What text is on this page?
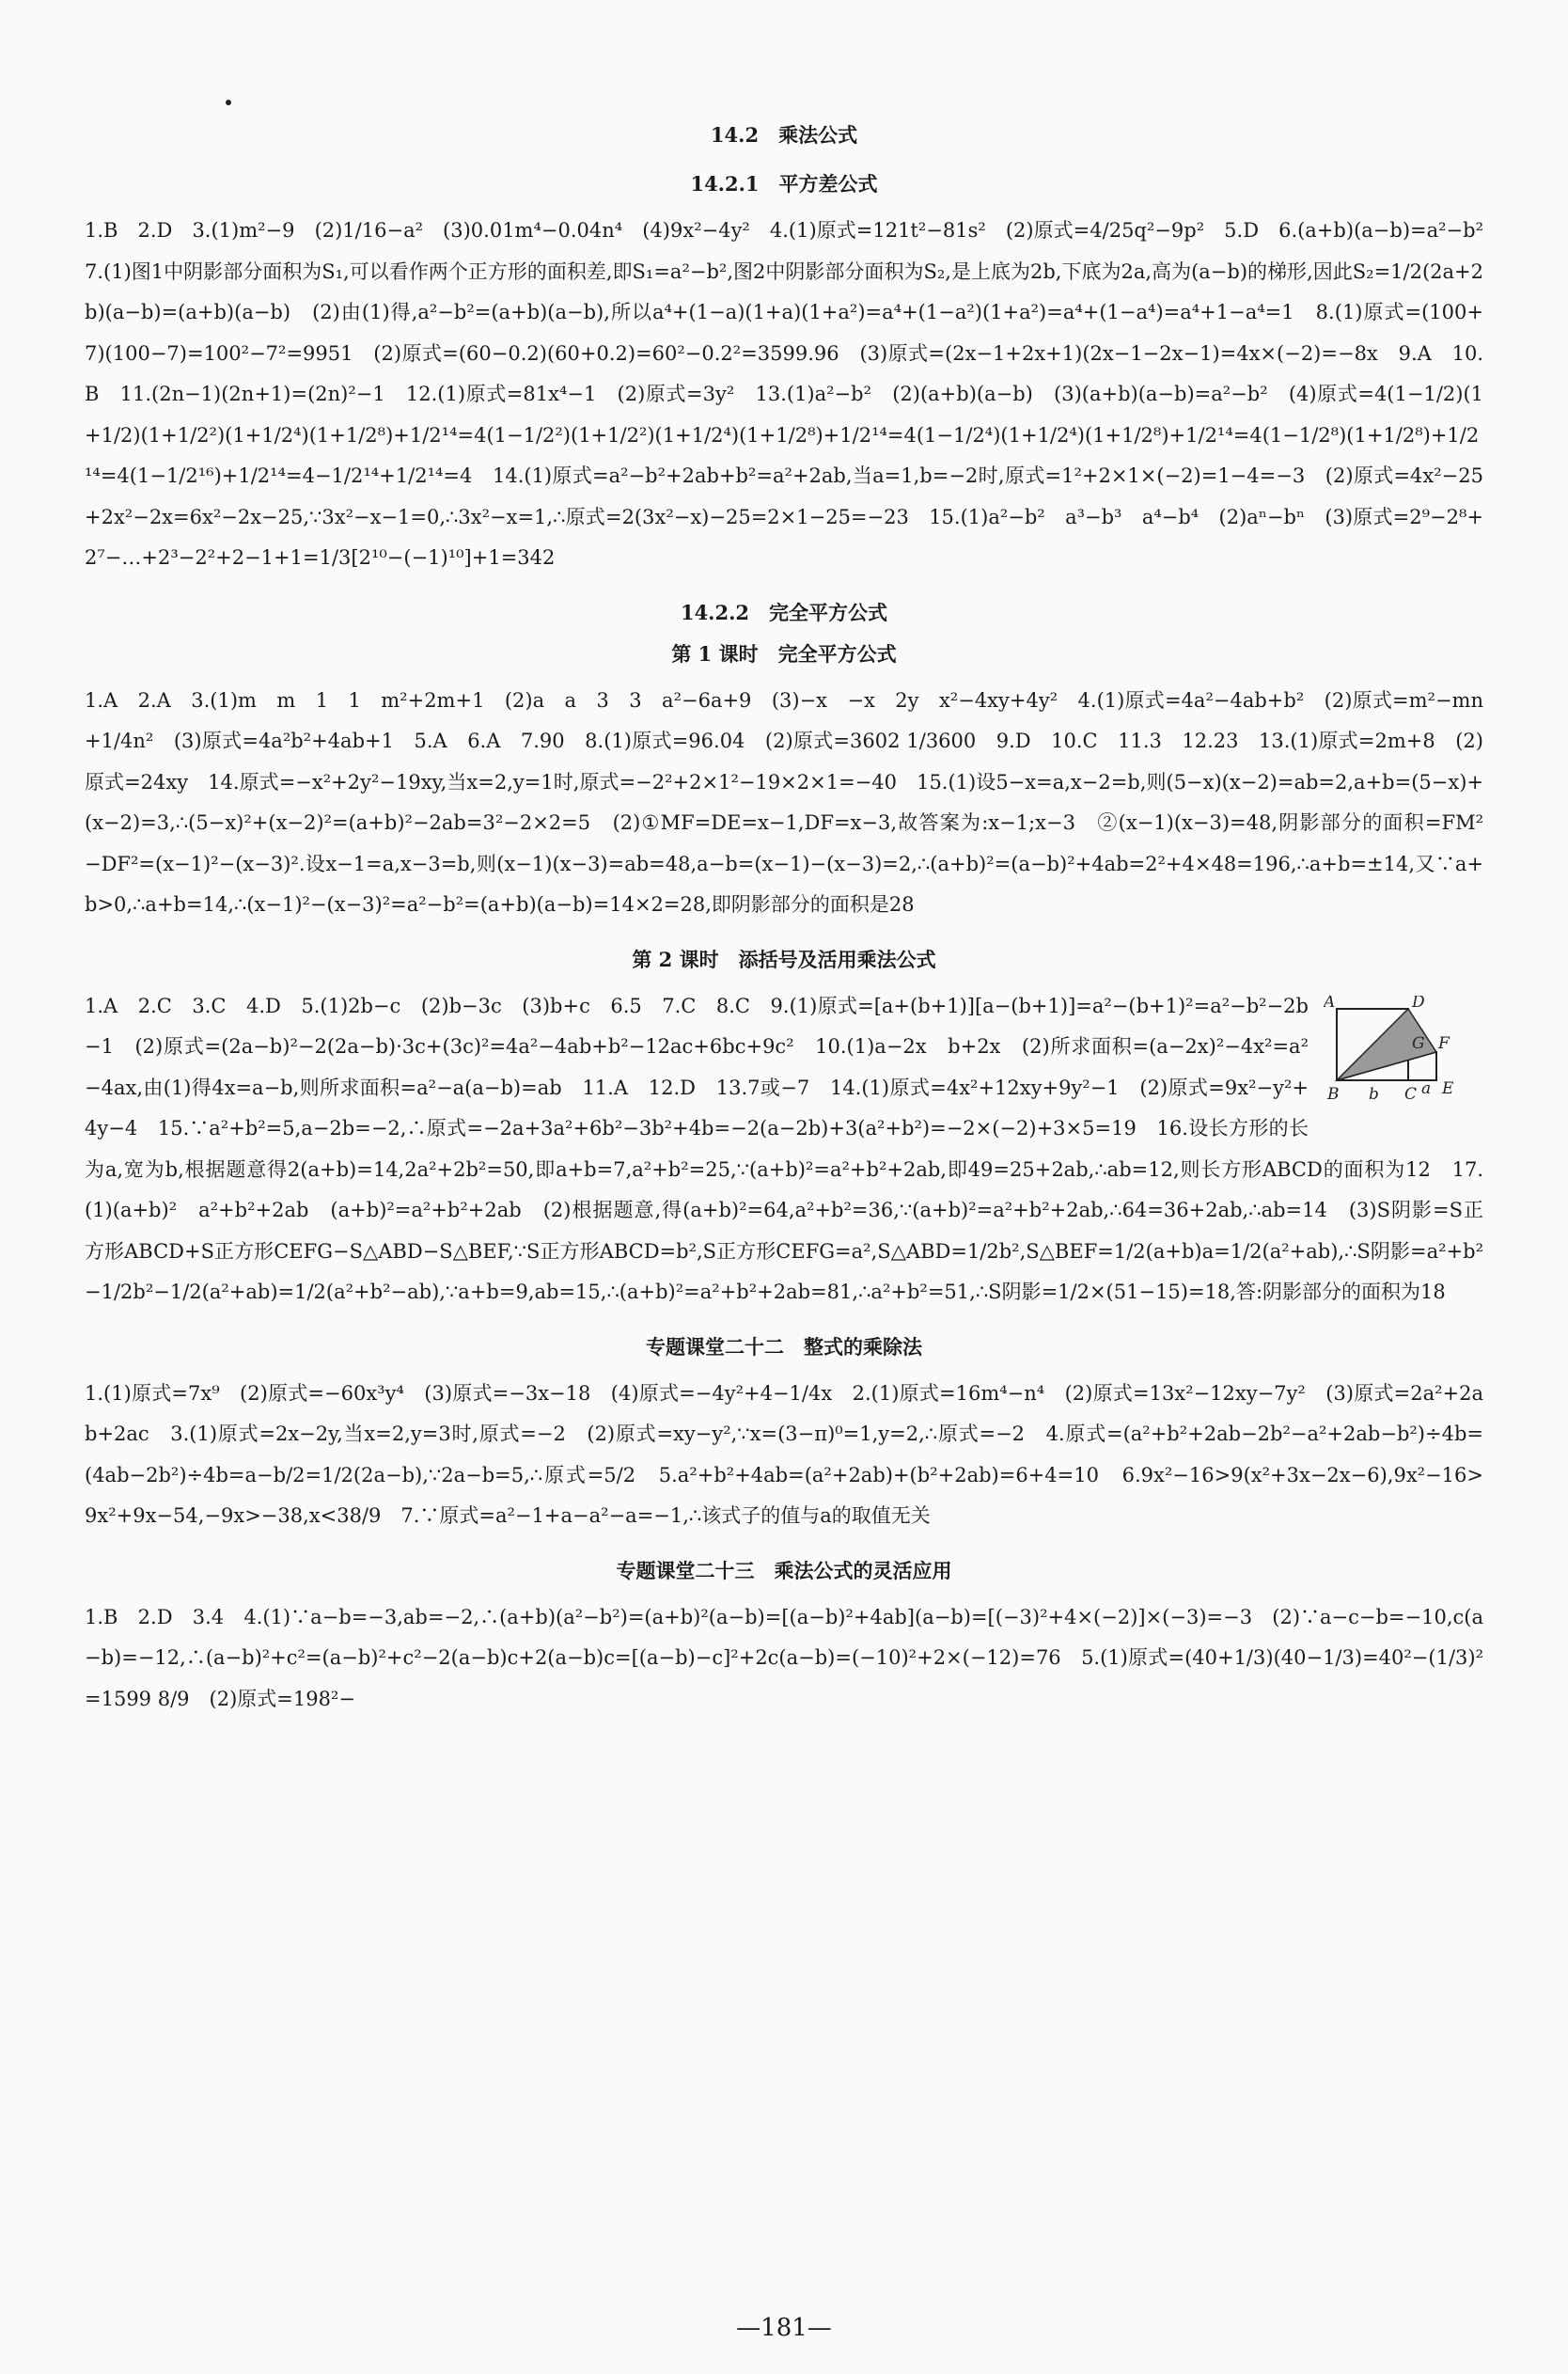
14.2　乘法公式
14.2.1　平方差公式

1.B　2.D　3.(1)m²−9　(2)1/16−a²　(3)0.01m⁴−0.04n⁴　(4)9x²−4y²　4.(1)原式=121t²−81s²　(2)原式=4/25q²−9p²　5.D　6.(a+b)(a−b)=a²−b²　7.(1)图1中阴影部分面积为S₁,可以看作两个正方形的面积差,即S₁=a²−b²,图2中阴影部分面积为S₂,是上底为2b,下底为2a,高为(a−b)的梯形,因此S₂=1/2(2a+2b)(a−b)=(a+b)(a−b)　(2)由(1)得,a²−b²=(a+b)(a−b),所以a⁴+(1−a)(1+a)(1+a²)=a⁴+(1−a²)(1+a²)=a⁴+(1−a⁴)=a⁴+1−a⁴=1　8.(1)原式=(100+7)(100−7)=100²−7²=9951　(2)原式=(60−0.2)(60+0.2)=60²−0.2²=3599.96　(3)原式=(2x−1+2x+1)(2x−1−2x−1)=4x×(−2)=−8x　9.A　10.B　11.(2n−1)(2n+1)=(2n)²−1　12.(1)原式=81x⁴−1　(2)原式=3y²　13.(1)a²−b²　(2)(a+b)(a−b)　(3)(a+b)(a−b)=a²−b²　(4)原式=4(1−1/2)(1+1/2)(1+1/2²)(1+1/2⁴)(1+1/2⁸)+1/2¹⁴=4(1−1/2²)(1+1/2²)(1+1/2⁴)(1+1/2⁸)+1/2¹⁴=4(1−1/2⁴)(1+1/2⁴)(1+1/2⁸)+1/2¹⁴=4(1−1/2⁸)(1+1/2⁸)+1/2¹⁴=4(1−1/2¹⁶)+1/2¹⁴=4−1/2¹⁴+1/2¹⁴=4　14.(1)原式=a²−b²+2ab+b²=a²+2ab,当a=1,b=−2时,原式=1²+2×1×(−2)=1−4=−3　(2)原式=4x²−25+2x²−2x=6x²−2x−25,∵3x²−x−1=0,∴3x²−x=1,∴原式=2(3x²−x)−25=2×1−25=−23　15.(1)a²−b²　a³−b³　a⁴−b⁴　(2)aⁿ−bⁿ　(3)原式=2⁹−2⁸+2⁷−…+2³−2²+2−1+1=1/3[2¹⁰−(−1)¹⁰]+1=342

14.2.2　完全平方公式
第 1 课时　完全平方公式

1.A　2.A　3.(1)m　m　1　1　m²+2m+1　(2)a　a　3　3　a²−6a+9　(3)−x　−x　2y　x²−4xy+4y²　4.(1)原式=4a²−4ab+b²　(2)原式=m²−mn+1/4n²　(3)原式=4a²b²+4ab+1　5.A　6.A　7.90　8.(1)原式=96.04　(2)原式=3602 1/3600　9.D　10.C　11.3　12.23　13.(1)原式=2m+8　(2)原式=24xy　14.原式=−x²+2y²−19xy,当x=2,y=1时,原式=−2²+2×1²−19×2×1=−40　15.(1)设5−x=a,x−2=b,则(5−x)(x−2)=ab=2,a+b=(5−x)+(x−2)=3,∴(5−x)²+(x−2)²=(a+b)²−2ab=3²−2×2=5　(2)①MF=DE=x−1,DF=x−3,故答案为:x−1;x−3　②(x−1)(x−3)=48,阴影部分的面积=FM²−DF²=(x−1)²−(x−3)².设x−1=a,x−3=b,则(x−1)(x−3)=ab=48,a−b=(x−1)−(x−3)=2,∴(a+b)²=(a−b)²+4ab=2²+4×48=196,∴a+b=±14,又∵a+b>0,∴a+b=14,∴(x−1)²−(x−3)²=a²−b²=(a+b)(a−b)=14×2=28,即阴影部分的面积是28

第 2 课时　添括号及活用乘法公式
A	D
G F
B b C a E

1.A　2.C　3.C　4.D　5.(1)2b−c　(2)b−3c　(3)b+c　6.5　7.C　8.C　9.(1)原式=[a+(b+1)][a−(b+1)]=a²−(b+1)²=a²−b²−2b−1　(2)原式=(2a−b)²−2(2a−b)·3c+(3c)²=4a²−4ab+b²−12ac+6bc+9c²　10.(1)a−2x　b+2x　(2)所求面积=(a−2x)²−4x²=a²−4ax,由(1)得4x=a−b,则所求面积=a²−a(a−b)=ab　11.A　12.D　13.7或−7　14.(1)原式=4x²+12xy+9y²−1　(2)原式=9x²−y²+4y−4　15.∵a²+b²=5,a−2b=−2,∴原式=−2a+3a²+6b²−3b²+4b=−2(a−2b)+3(a²+b²)=−2×(−2)+3×5=19　16.设长方形的长为a,宽为b,根据题意得2(a+b)=14,2a²+2b²=50,即a+b=7,a²+b²=25,∵(a+b)²=a²+b²+2ab,即49=25+2ab,∴ab=12,则长方形ABCD的面积为12　17.(1)(a+b)²　a²+b²+2ab　(a+b)²=a²+b²+2ab　(2)根据题意,得(a+b)²=64,a²+b²=36,∵(a+b)²=a²+b²+2ab,∴64=36+2ab,∴ab=14　(3)S阴影=S正方形ABCD+S正方形CEFG−S△ABD−S△BEF,∵S正方形ABCD=b²,S正方形CEFG=a²,S△ABD=1/2b²,S△BEF=1/2(a+b)a=1/2(a²+ab),∴S阴影=a²+b²−1/2b²−1/2(a²+ab)=1/2(a²+b²−ab),∵a+b=9,ab=15,∴(a+b)²=a²+b²+2ab=81,∴a²+b²=51,∴S阴影=1/2×(51−15)=18,答:阴影部分的面积为18

专题课堂二十二　整式的乘除法

1.(1)原式=7x⁹　(2)原式=−60x³y⁴　(3)原式=−3x−18　(4)原式=−4y²+4−1/4x　2.(1)原式=16m⁴−n⁴　(2)原式=13x²−12xy−7y²　(3)原式=2a²+2ab+2ac　3.(1)原式=2x−2y,当x=2,y=3时,原式=−2　(2)原式=xy−y²,∵x=(3−π)⁰=1,y=2,∴原式=−2　4.原式=(a²+b²+2ab−2b²−a²+2ab−b²)÷4b=(4ab−2b²)÷4b=a−b/2=1/2(2a−b),∵2a−b=5,∴原式=5/2　5.a²+b²+4ab=(a²+2ab)+(b²+2ab)=6+4=10　6.9x²−16>9(x²+3x−2x−6),9x²−16>9x²+9x−54,−9x>−38,x<38/9　7.∵原式=a²−1+a−a²−a=−1,∴该式子的值与a的取值无关

专题课堂二十三　乘法公式的灵活应用

1.B　2.D　3.4　4.(1)∵a−b=−3,ab=−2,∴(a+b)(a²−b²)=(a+b)²(a−b)=[(a−b)²+4ab](a−b)=[(−3)²+4×(−2)]×(−3)=−3　(2)∵a−c−b=−10,c(a−b)=−12,∴(a−b)²+c²=(a−b)²+c²−2(a−b)c+2(a−b)c=[(a−b)−c]²+2c(a−b)=(−10)²+2×(−12)=76　5.(1)原式=(40+1/3)(40−1/3)=40²−(1/3)²=1599 8/9　(2)原式=198²−

—181—
